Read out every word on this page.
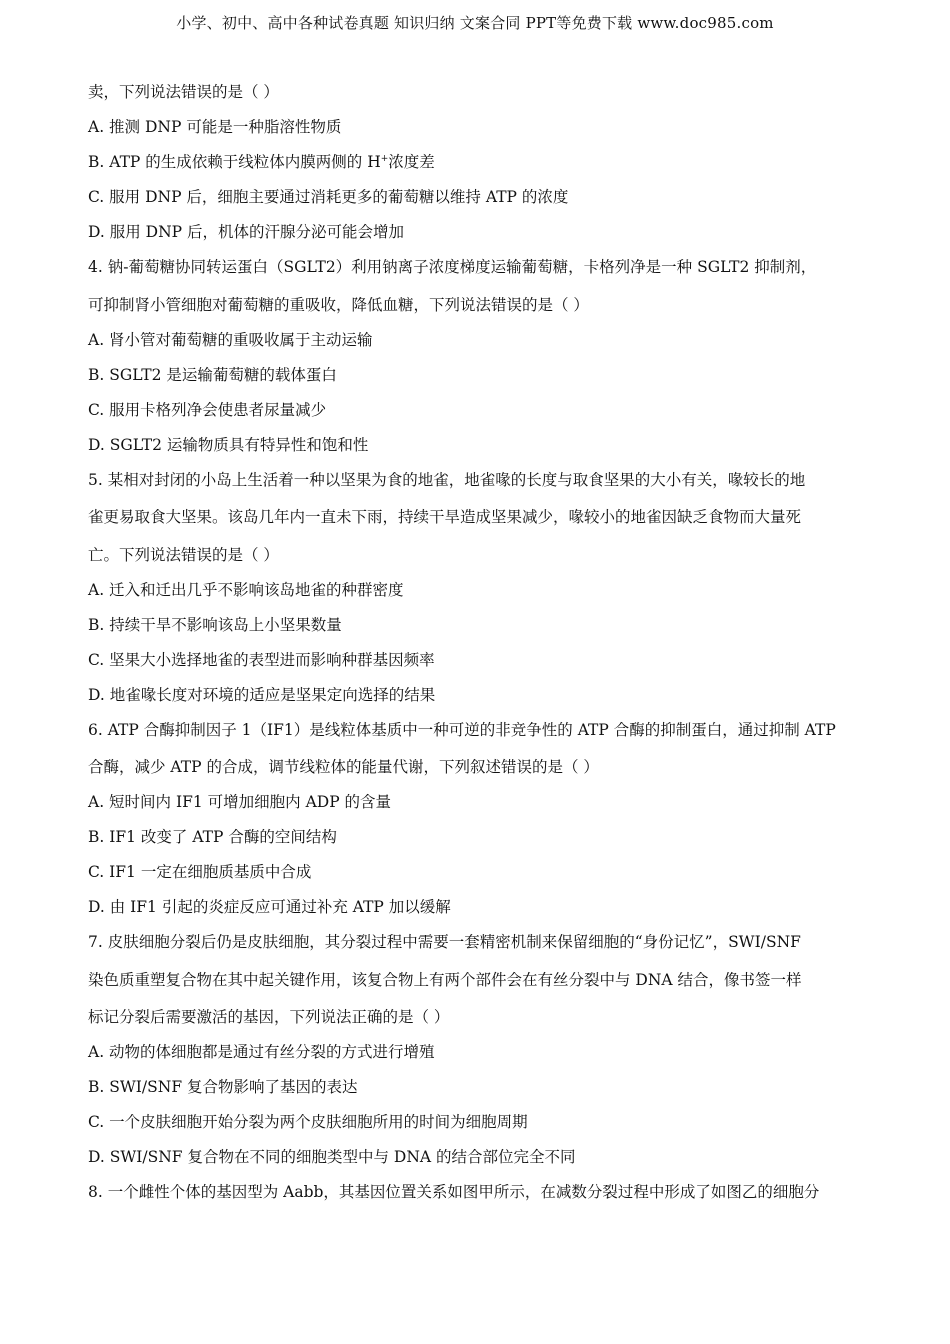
小学、初中、高中各种试卷真题 知识归纳 文案合同 PPT等免费下载 www.doc985.com
卖，下列说法错误的是（ ）
A. 推测 DNP 可能是一种脂溶性物质
B. ATP 的生成依赖于线粒体内膜两侧的 H+浓度差
C. 服用 DNP 后，细胞主要通过消耗更多的葡萄糖以维持 ATP 的浓度
D. 服用 DNP 后，机体的汗腺分泌可能会增加
4. 钠-葡萄糖协同转运蛋白（SGLT2）利用钠离子浓度梯度运输葡萄糖，卡格列净是一种 SGLT2 抑制剂，
可抑制肾小管细胞对葡萄糖的重吸收，降低血糖，下列说法错误的是（ ）
A. 肾小管对葡萄糖的重吸收属于主动运输
B. SGLT2 是运输葡萄糖的载体蛋白
C. 服用卡格列净会使患者尿量减少
D. SGLT2 运输物质具有特异性和饱和性
5. 某相对封闭的小岛上生活着一种以坚果为食的地雀，地雀喙的长度与取食坚果的大小有关，喙较长的地
雀更易取食大坚果。该岛几年内一直未下雨，持续干旱造成坚果减少，喙较小的地雀因缺乏食物而大量死
亡。下列说法错误的是（ ）
A. 迁入和迁出几乎不影响该岛地雀的种群密度
B. 持续干旱不影响该岛上小坚果数量
C. 坚果大小选择地雀的表型进而影响种群基因频率
D. 地雀喙长度对环境的适应是坚果定向选择的结果
6. ATP 合酶抑制因子 1（IF1）是线粒体基质中一种可逆的非竞争性的 ATP 合酶的抑制蛋白，通过抑制 ATP
合酶，减少 ATP 的合成，调节线粒体的能量代谢，下列叙述错误的是（ ）
A. 短时间内 IF1 可增加细胞内 ADP 的含量
B. IF1 改变了 ATP 合酶的空间结构
C. IF1 一定在细胞质基质中合成
D. 由 IF1 引起的炎症反应可通过补充 ATP 加以缓解
7. 皮肤细胞分裂后仍是皮肤细胞，其分裂过程中需要一套精密机制来保留细胞的“身份记忆”，SWI/SNF
染色质重塑复合物在其中起关键作用，该复合物上有两个部件会在有丝分裂中与 DNA 结合，像书签一样
标记分裂后需要激活的基因，下列说法正确的是（ ）
A. 动物的体细胞都是通过有丝分裂的方式进行增殖
B. SWI/SNF 复合物影响了基因的表达
C. 一个皮肤细胞开始分裂为两个皮肤细胞所用的时间为细胞周期
D. SWI/SNF 复合物在不同的细胞类型中与 DNA 的结合部位完全不同
8. 一个雌性个体的基因型为 Aabb，其基因位置关系如图甲所示，在减数分裂过程中形成了如图乙的细胞分
